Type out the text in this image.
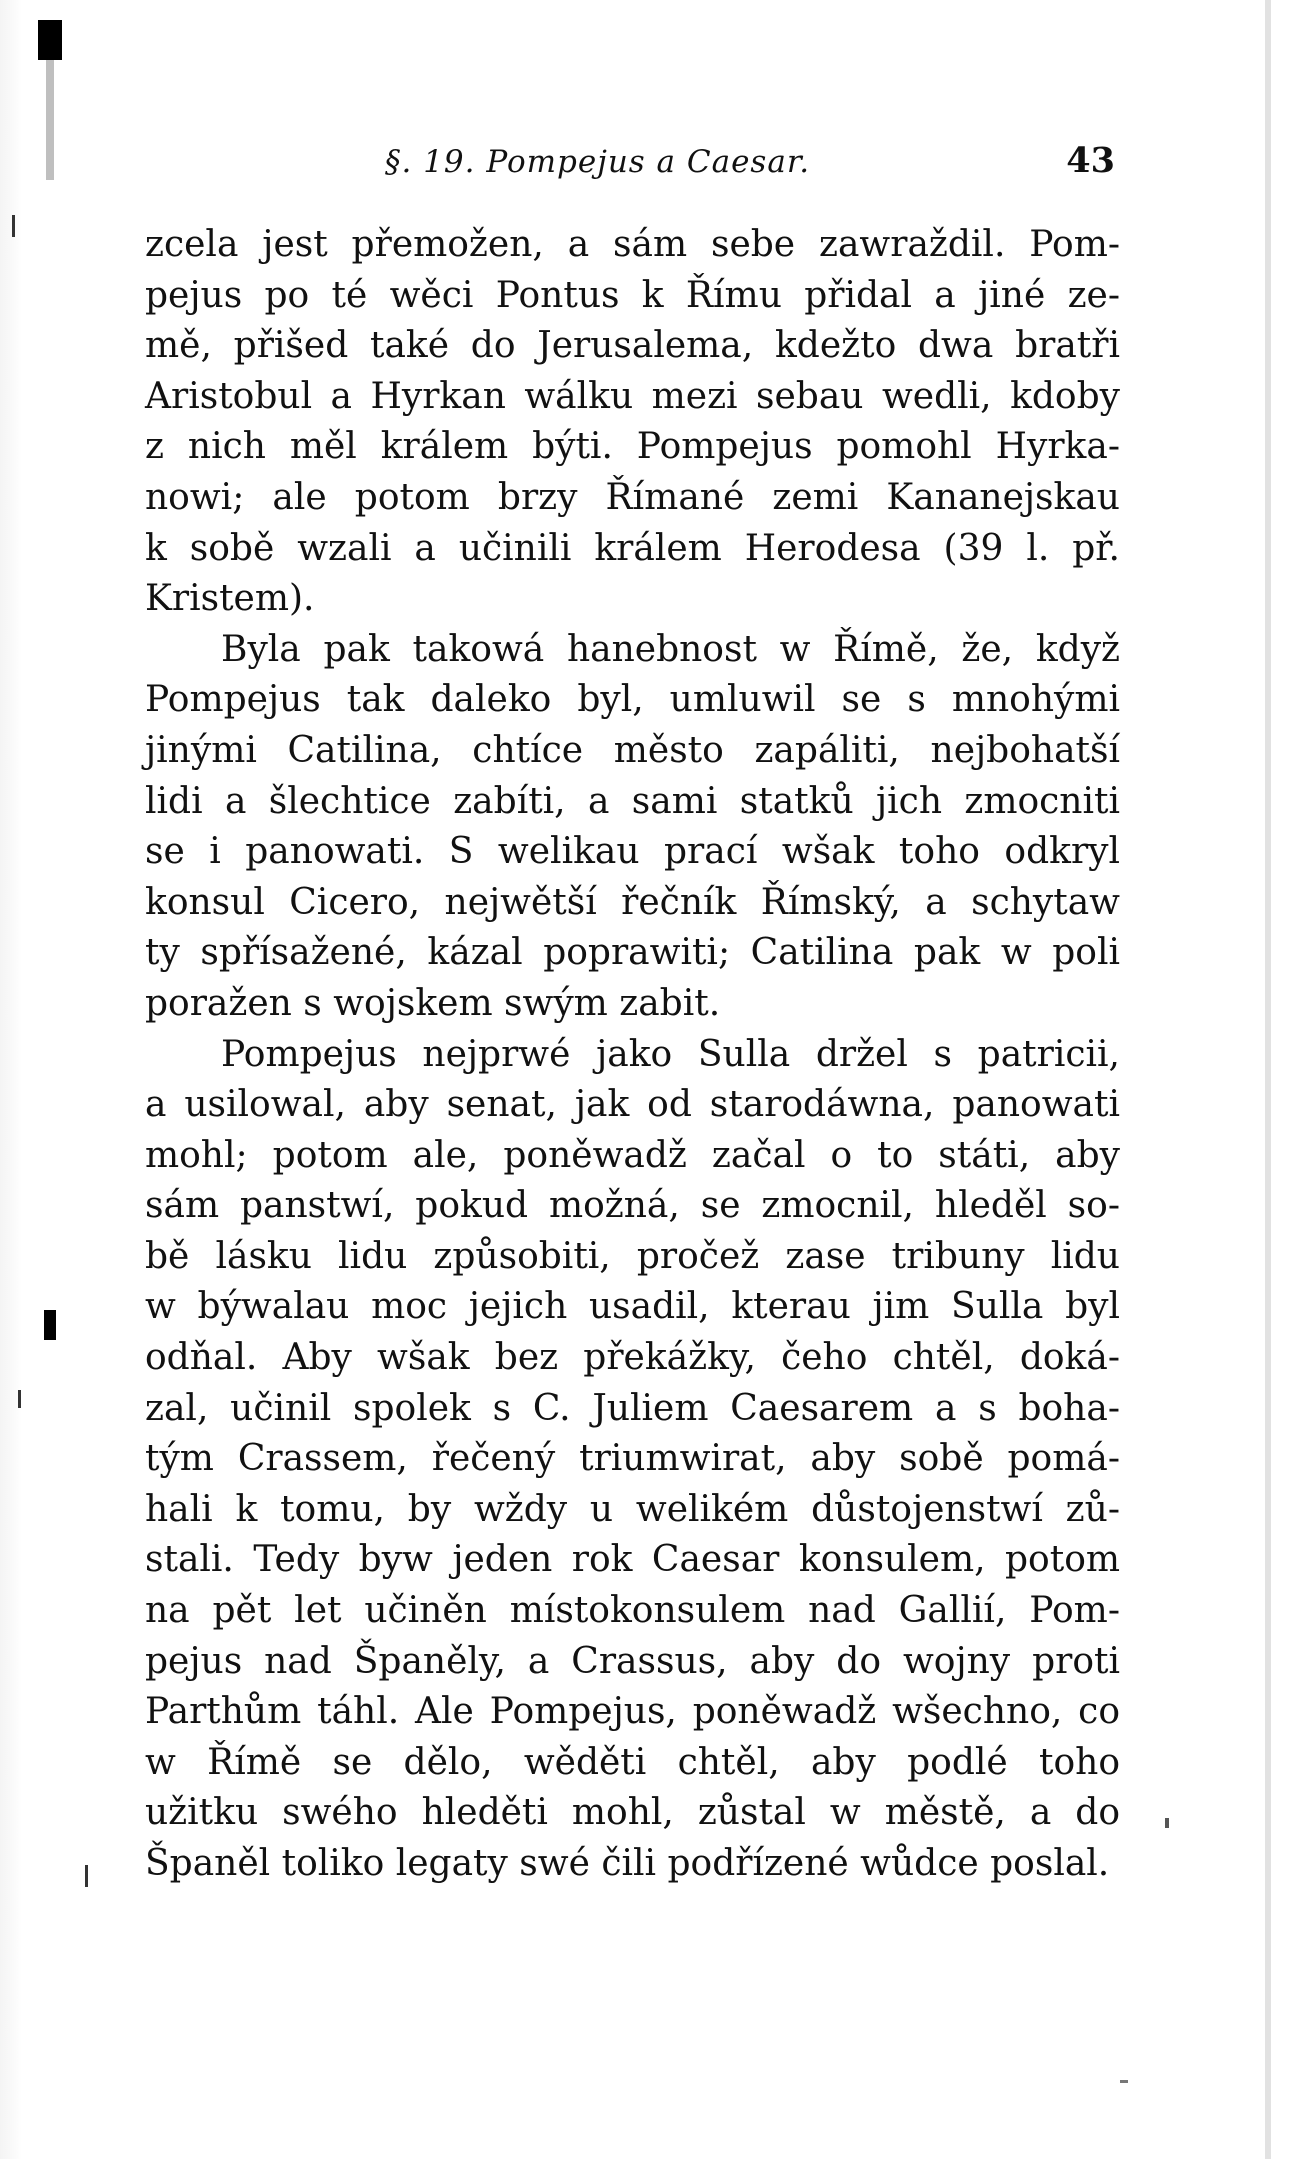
§. 19. Pompejus a Caesar.	43
zcela jest přemožen, a sám sebe zawraždil. Pom-
pejus po té wěci Pontus k Římu přidal a jiné ze-
mě, přišed také do Jerusalema, kdežto dwa bratři
Aristobul a Hyrkan wálku mezi sebau wedli, kdoby
z nich měl králem býti. Pompejus pomohl Hyrka-
nowi; ale potom brzy Římané zemi Kananejskau
k sobě wzali a učinili králem Herodesa (39 l. př.
Kristem).
Byla pak takowá hanebnost w Římě, že, když
Pompejus tak daleko byl, umluwil se s mnohými
jinými Catilina, chtíce město zapáliti, nejbohatší
lidi a šlechtice zabíti, a sami statků jich zmocniti
se i panowati. S welikau prací wšak toho odkryl
konsul Cicero, nejwětší řečník Římský, a schytaw
ty spřísažené, kázal poprawiti; Catilina pak w poli
poražen s wojskem swým zabit.
Pompejus nejprwé jako Sulla držel s patricii,
a usilowal, aby senat, jak od starodáwna, panowati
mohl; potom ale, poněwadž začal o to státi, aby
sám panstwí, pokud možná, se zmocnil, hleděl so-
bě lásku lidu způsobiti, pročež zase tribuny lidu
w býwalau moc jejich usadil, kterau jim Sulla byl
odňal. Aby wšak bez překážky, čeho chtěl, doká-
zal, učinil spolek s C. Juliem Caesarem a s boha-
tým Crassem, řečený triumwirat, aby sobě pomá-
hali k tomu, by wždy u welikém důstojenstwí zů-
stali. Tedy byw jeden rok Caesar konsulem, potom
na pět let učiněn místokonsulem nad Gallií, Pom-
pejus nad Španěly, a Crassus, aby do wojny proti
Parthům táhl. Ale Pompejus, poněwadž wšechno, co
w Římě se dělo, wěděti chtěl, aby podlé toho
užitku swého hleděti mohl, zůstal w městě, a do
Španěl toliko legaty swé čili podřízené wůdce poslal.
